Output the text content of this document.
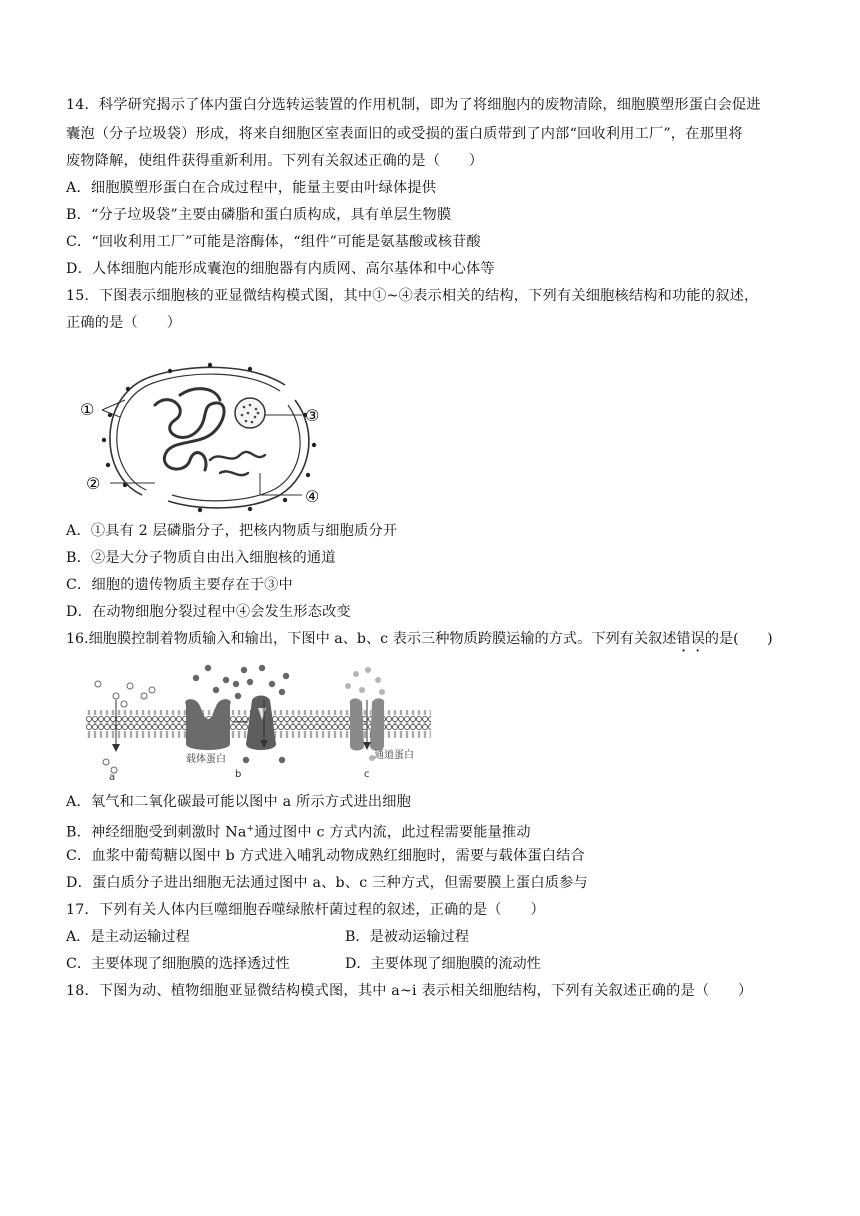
14．科学研究揭示了体内蛋白分选转运装置的作用机制，即为了将细胞内的废物清除，细胞膜塑形蛋白会促进
囊泡（分子垃圾袋）形成，将来自细胞区室表面旧的或受损的蛋白质带到了内部“回收利用工厂”，在那里将
废物降解，使组件获得重新利用。下列有关叙述正确的是（　　）
A．细胞膜塑形蛋白在合成过程中，能量主要由叶绿体提供
B．“分子垃圾袋”主要由磷脂和蛋白质构成，具有单层生物膜
C．“回收利用工厂”可能是溶酶体，“组件”可能是氨基酸或核苷酸
D．人体细胞内能形成囊泡的细胞器有内质网、高尔基体和中心体等
15．下图表示细胞核的亚显微结构模式图，其中①~④表示相关的结构，下列有关细胞核结构和功能的叙述，
正确的是（　　）
①
②
③
④
A．①具有 2 层磷脂分子，把核内物质与细胞质分开
B．②是大分子物质自由出入细胞核的通道
C．细胞的遗传物质主要存在于③中
D．在动物细胞分裂过程中④会发生形态改变
16.细胞膜控制着物质输入和输出，下图中 a、b、c 表示三种物质跨膜运输的方式。下列有关叙述错误的是(　　)
载体蛋白	通道蛋白
a	b	c
A．氧气和二氧化碳最可能以图中 a 所示方式进出细胞
B．神经细胞受到刺激时 Na+通过图中 c 方式内流，此过程需要能量推动
C．血浆中葡萄糖以图中 b 方式进入哺乳动物成熟红细胞时，需要与载体蛋白结合
D．蛋白质分子进出细胞无法通过图中 a、b、c 三种方式，但需要膜上蛋白质参与
17．下列有关人体内巨噬细胞吞噬绿脓杆菌过程的叙述，正确的是（　　）
A．是主动运输过程	B．是被动运输过程
C．主要体现了细胞膜的选择透过性	D．主要体现了细胞膜的流动性
18．下图为动、植物细胞亚显微结构模式图，其中 a~i 表示相关细胞结构，下列有关叙述正确的是（　　）
